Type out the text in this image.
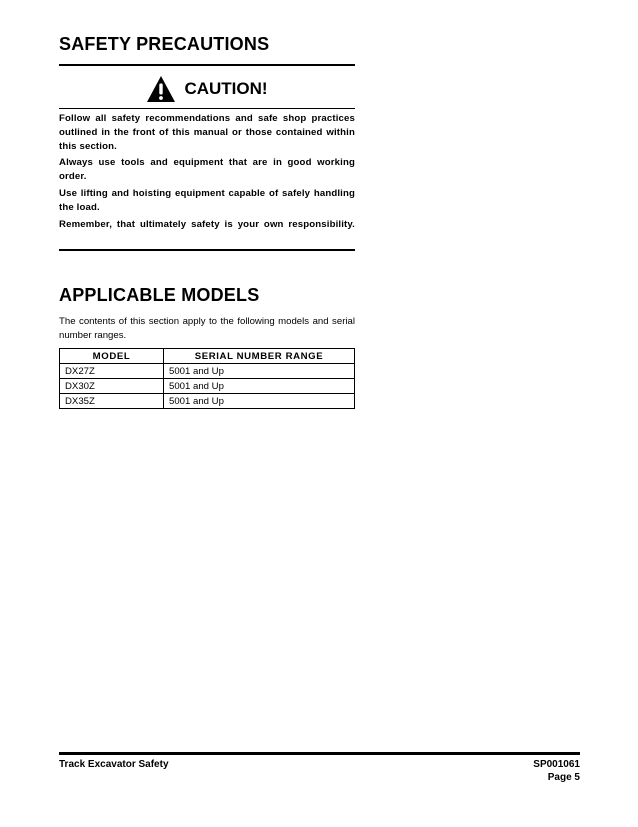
SAFETY PRECAUTIONS
CAUTION!

Follow all safety recommendations and safe shop practices outlined in the front of this manual or those contained within this section.

Always use tools and equipment that are in good working order.

Use lifting and hoisting equipment capable of safely handling the load.

Remember, that ultimately safety is your own responsibility.

APPLICABLE MODELS

The contents of this section apply to the following models and serial number ranges.

MODEL	SERIAL NUMBER RANGE
DX27Z	5001 and Up
DX30Z	5001 and Up
DX35Z	5001 and Up
Track Excavator Safety	SP001061
Page 5
